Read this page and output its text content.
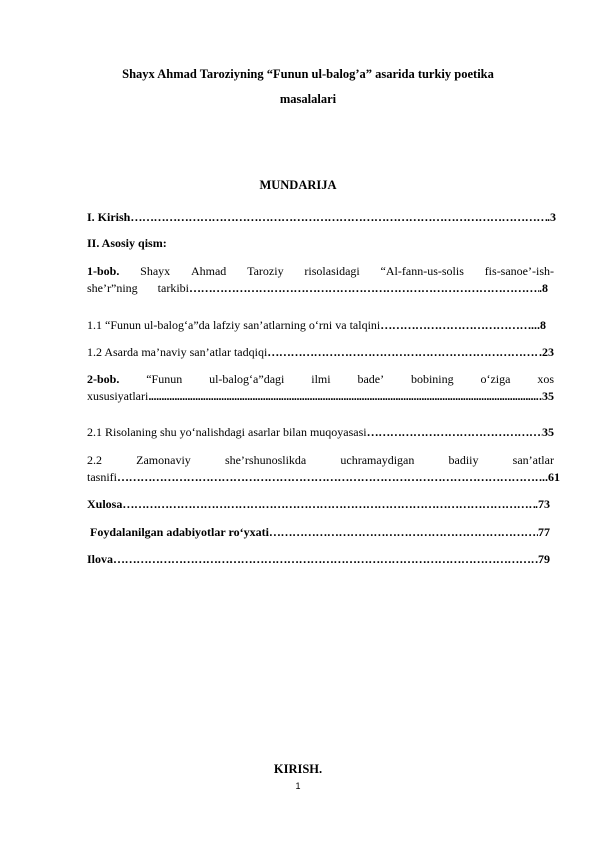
Shayx Ahmad Taroziyning “Funun ul-balog’a” asarida turkiy poetika
masalalari
MUNDARIJA
I. Kirish ……………………………………………………………………………………………………………………………………	.3
II. Asosiy qism:
1-bob. Shayx Ahmad Taroziy risolasidagi “Al-fann-us-solis fis-sanoe’-ish-
she’r”ning tarkibi ……………………………………………………………………………………………………………………………………	.8
1.1 “Funun ul-balog‘a”da lafziy san’atlarning o‘rni va talqini ……………………………………………………………………………………………………………………………………	....8
1.2 Asarda ma’naviy san’atlar tadqiqi ……………………………………………………………………………………………………………………………………	.23
2-bob. “Funun ul-balog‘a”dagi ilmi bade’ bobining o‘ziga xos
xususiyatlari .....	.35
2.1 Risolaning shu yo‘nalishdagi asarlar bilan muqoyasasi ……………………………………………………………………………………………………………………………………	35
2.2	Zamonaviy	she’rshunoslikda	uchramaydigan	badiiy	san’atlar
tasnifi ……………………………………………………………………………………………………………………………………	...61
Xulosa ……………………………………………………………………………………………………………………………………	.73
Foydalanilgan adabiyotlar ro‘yxati ……………………………………………………………………………………………………………………………………	77
Ilova ……………………………………………………………………………………………………………………………………	79
KIRISH.
1
